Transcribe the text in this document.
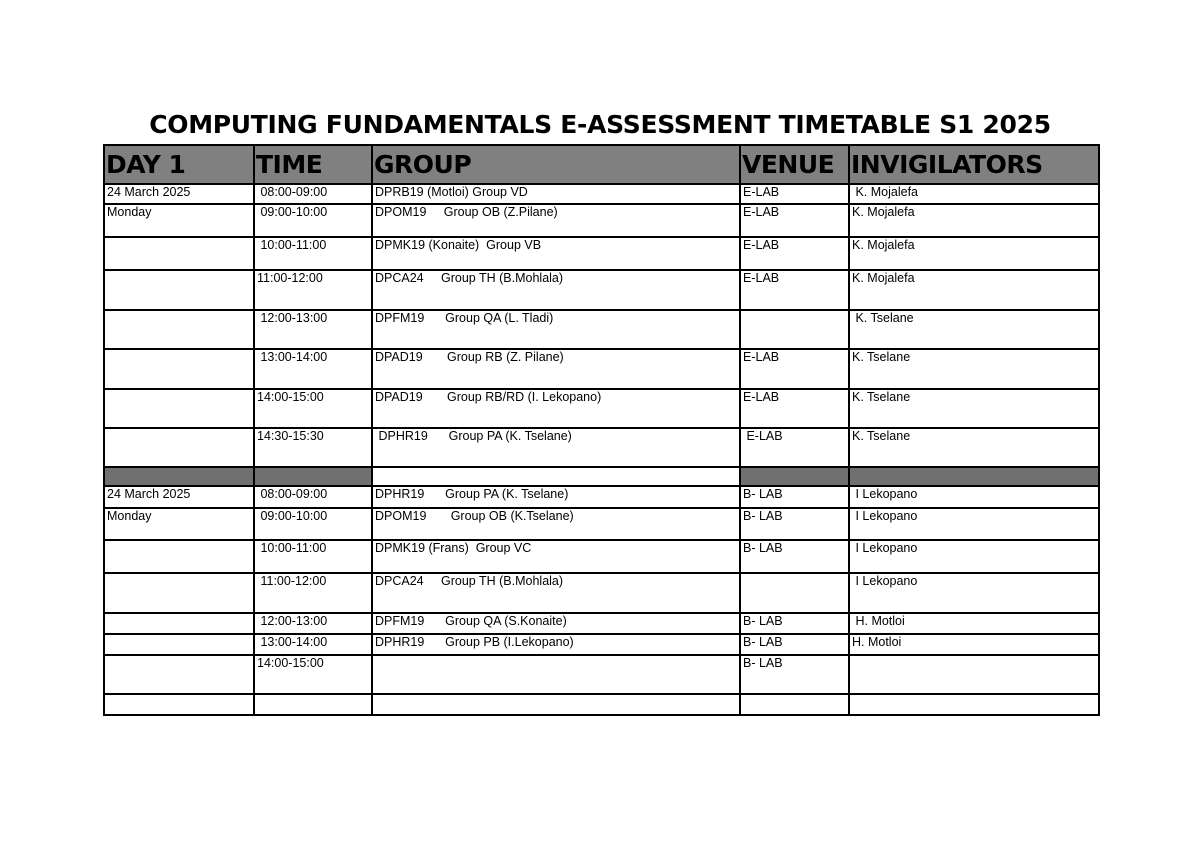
COMPUTING FUNDAMENTALS E-ASSESSMENT TIMETABLE S1 2025
DAY 1	TIME	GROUP	VENUE	INVIGILATORS
24 March 2025	08:00-09:00	DPRB19 (Motloi) Group VD	E-LAB	K. Mojalefa
Monday	09:00-10:00	DPOM19     Group OB (Z.Pilane)	E-LAB	K. Mojalefa
	10:00-11:00	DPMK19 (Konaite)  Group VB	E-LAB	K. Mojalefa
	11:00-12:00	DPCA24     Group TH (B.Mohlala)	E-LAB	K. Mojalefa
	12:00-13:00	DPFM19      Group QA (L. Tladi)		K. Tselane
	13:00-14:00	DPAD19       Group RB (Z. Pilane)	E-LAB	K. Tselane
	14:00-15:00	DPAD19       Group RB/RD (I. Lekopano)	E-LAB	K. Tselane
	14:30-15:30	DPHR19      Group PA (K. Tselane)	E-LAB	K. Tselane

24 March 2025	08:00-09:00	DPHR19      Group PA (K. Tselane)	B- LAB	I Lekopano
Monday	09:00-10:00	DPOM19       Group OB (K.Tselane)	B- LAB	I Lekopano
	10:00-11:00	DPMK19 (Frans)  Group VC	B- LAB	I Lekopano
	11:00-12:00	DPCA24     Group TH (B.Mohlala)		I Lekopano
	12:00-13:00	DPFM19      Group QA (S.Konaite)	B- LAB	H. Motloi
	13:00-14:00	DPHR19      Group PB (I.Lekopano)	B- LAB	H. Motloi
	14:00-15:00		B- LAB	
